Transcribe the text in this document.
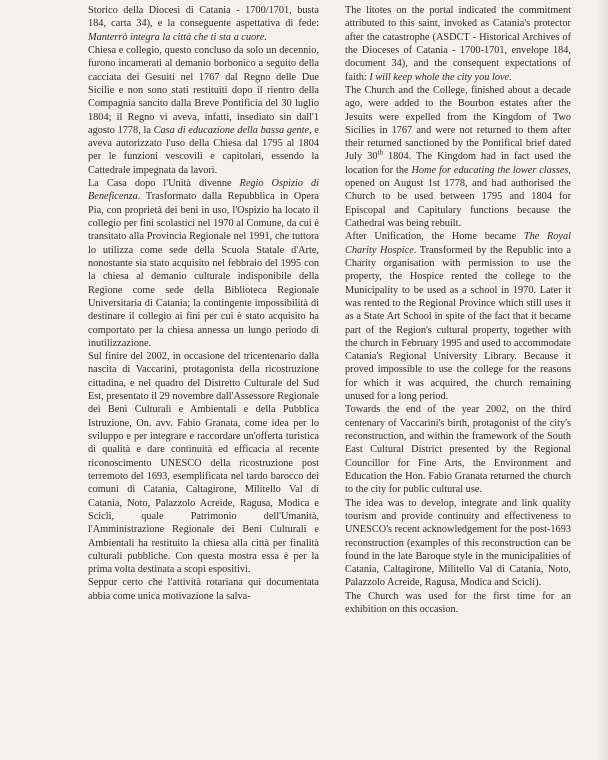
Storico della Diocesi di Catania - 1700/1701, busta 184, carta 34), e la conseguente aspettativa di fede: Manterrò integra la città che ti sta a cuore.

Chiesa e collegio, questo concluso da solo un decennio, furono incamerati al demanio borbonico a seguito della cacciata dei Gesuiti nel 1767 dal Regno delle Due Sicilie e non sono stati restituiti dopo il rientro della Compagnia sancito dalla Breve Pontificia del 30 luglio 1804; il Regno vi aveva, infatti, insediato sin dall'1 agosto 1778, la Casa di educazione della bassa gente, e aveva autorizzato l'uso della Chiesa dal 1795 al 1804 per le funzioni vescovili e capitolari, essendo la Cattedrale impegnata da lavori.

La Casa dopo l'Unità divenne Regio Ospizio di Beneficenza. Trasformato dalla Repubblica in Opera Pia, con proprietà dei beni in uso, l'Ospizio ha locato il collegio per fini scolastici nel 1970 al Comune, da cui è transitato alla Provincia Regionale nel 1991, che tuttora lo utilizza come sede della Scuola Statale d'Arte, nonostante sia stato acquisito nel febbraio del 1995 con la chiesa al demanio culturale indisponibile della Regione come sede della Biblioteca Regionale Universitaria di Catania; la contingente impossibilità di destinare il collegio ai fini per cui è stato acquisito ha comportato per la chiesa annessa un lungo periodo di inutilizzazione.

Sul finire del 2002, in occasione del tricentenario dalla nascita di Vaccarini, protagonista della ricostruzione cittadina, e nel quadro del Distretto Culturale del Sud Est, presentato il 29 novembre dall'Assessore Regionale dei Beni Culturali e Ambientali e della Pubblica Istruzione, On. avv. Fabio Granata, come idea per lo sviluppo e per integrare e raccordare un'offerta turistica di qualità e dare continuità ed efficacia al recente riconoscimento UNESCO della ricostruzione post terremoto del 1693, esemplificata nel tardo barocco dei comuni di Catania, Caltagirone, Militello Val di Catania, Noto, Palazzolo Acreide, Ragusa, Modica e Scicli, quale Patrimonio dell'Umanità, l'Amministrazione Regionale dei Beni Culturali e Ambientali ha restituito la chiesa alla città per finalità culturali pubbliche. Con questa mostra essa è per la prima volta destinata a scopi espositivi.

Seppur certo che l'attività rotariana qui documentata abbia come unica motivazione la salva-

The litotes on the portal indicated the commitment attributed to this saint, invoked as Catania's protector after the catastrophe (ASDCT - Historical Archives of the Dioceses of Catania - 1700-1701, envelope 184, document 34), and the consequent expectations of faith: I will keep whole the city you love.

The Church and the College, finished about a decade ago, were added to the Bourbon estates after the Jesuits were expelled from the Kingdom of Two Sicilies in 1767 and were not returned to them after their returned sanctioned by the Pontifical brief dated July 30th 1804. The Kingdom had in fact used the location for the Home for educating the lower classes, opened on August 1st 1778, and had authorised the Church to be used between 1795 and 1804 for Episcopal and Capitulary functions because the Cathedral was being rebuilt.

After Unification, the Home became The Royal Charity Hospice. Transformed by the Republic into a Charity organisation with permission to use the property, the Hospice rented the college to the Municipality to be used as a school in 1970. Later it was rented to the Regional Province which still uses it as a State Art School in spite of the fact that it became part of the Region's cultural property, together with the church in February 1995 and used to accommodate Catania's Regional University Library. Because it proved impossible to use the college for the reasons for which it was acquired, the church remaining unused for a long period.

Towards the end of the year 2002, on the third centenary of Vaccarini's birth, protagonist of the city's reconstruction, and within the framework of the South East Cultural District presented by the Regional Councillor for Fine Arts, the Environment and Education the Hon. Fabio Granata returned the church to the city for public cultural use.

The idea was to develop, integrate and link quality tourism and provide continuity and effectiveness to UNESCO's recent acknowledgement for the post-1693 reconstruction (examples of this reconstruction can be found in the late Baroque style in the municipalities of Catania, Caltagirone, Militello Val di Catania, Noto, Palazzolo Acreide, Ragusa, Modica and Scicli).

The Church was used for the first time for an exhibition on this occasion.
